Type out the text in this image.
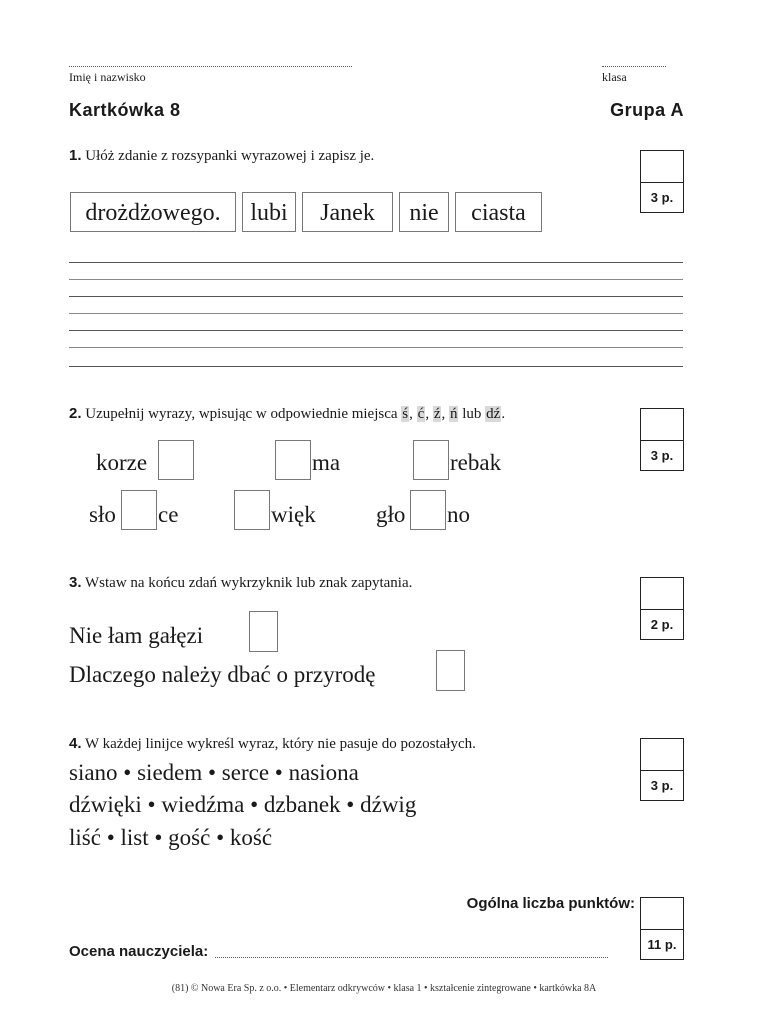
Imię i nazwisko	klasa
Kartkówka 8	Grupa A
1. Ułóż zdanie z rozsypanki wyrazowej i zapisz je.
3 p.
drożdżowego.	lubi	Janek	nie	ciasta
2. Uzupełnij wyrazy, wpisując w odpowiednie miejsca ś, ć, ź, ń lub dź.
3 p.
korze	ma	rebak
sło ce	więk	gło no
3. Wstaw na końcu zdań wykrzyknik lub znak zapytania.
2 p.
Nie łam gałęzi
Dlaczego należy dbać o przyrodę
4. W każdej linijce wykreśl wyraz, który nie pasuje do pozostałych.
3 p.
siano • siedem • serce • nasiona
dźwięki • wiedźma • dzbanek • dźwig
liść • list • gość • kość
Ogólna liczba punktów:
11 p.
Ocena nauczyciela:
(81) © Nowa Era Sp. z o.o. • Elementarz odkrywców • klasa 1 • kształcenie zintegrowane • kartkówka 8A
